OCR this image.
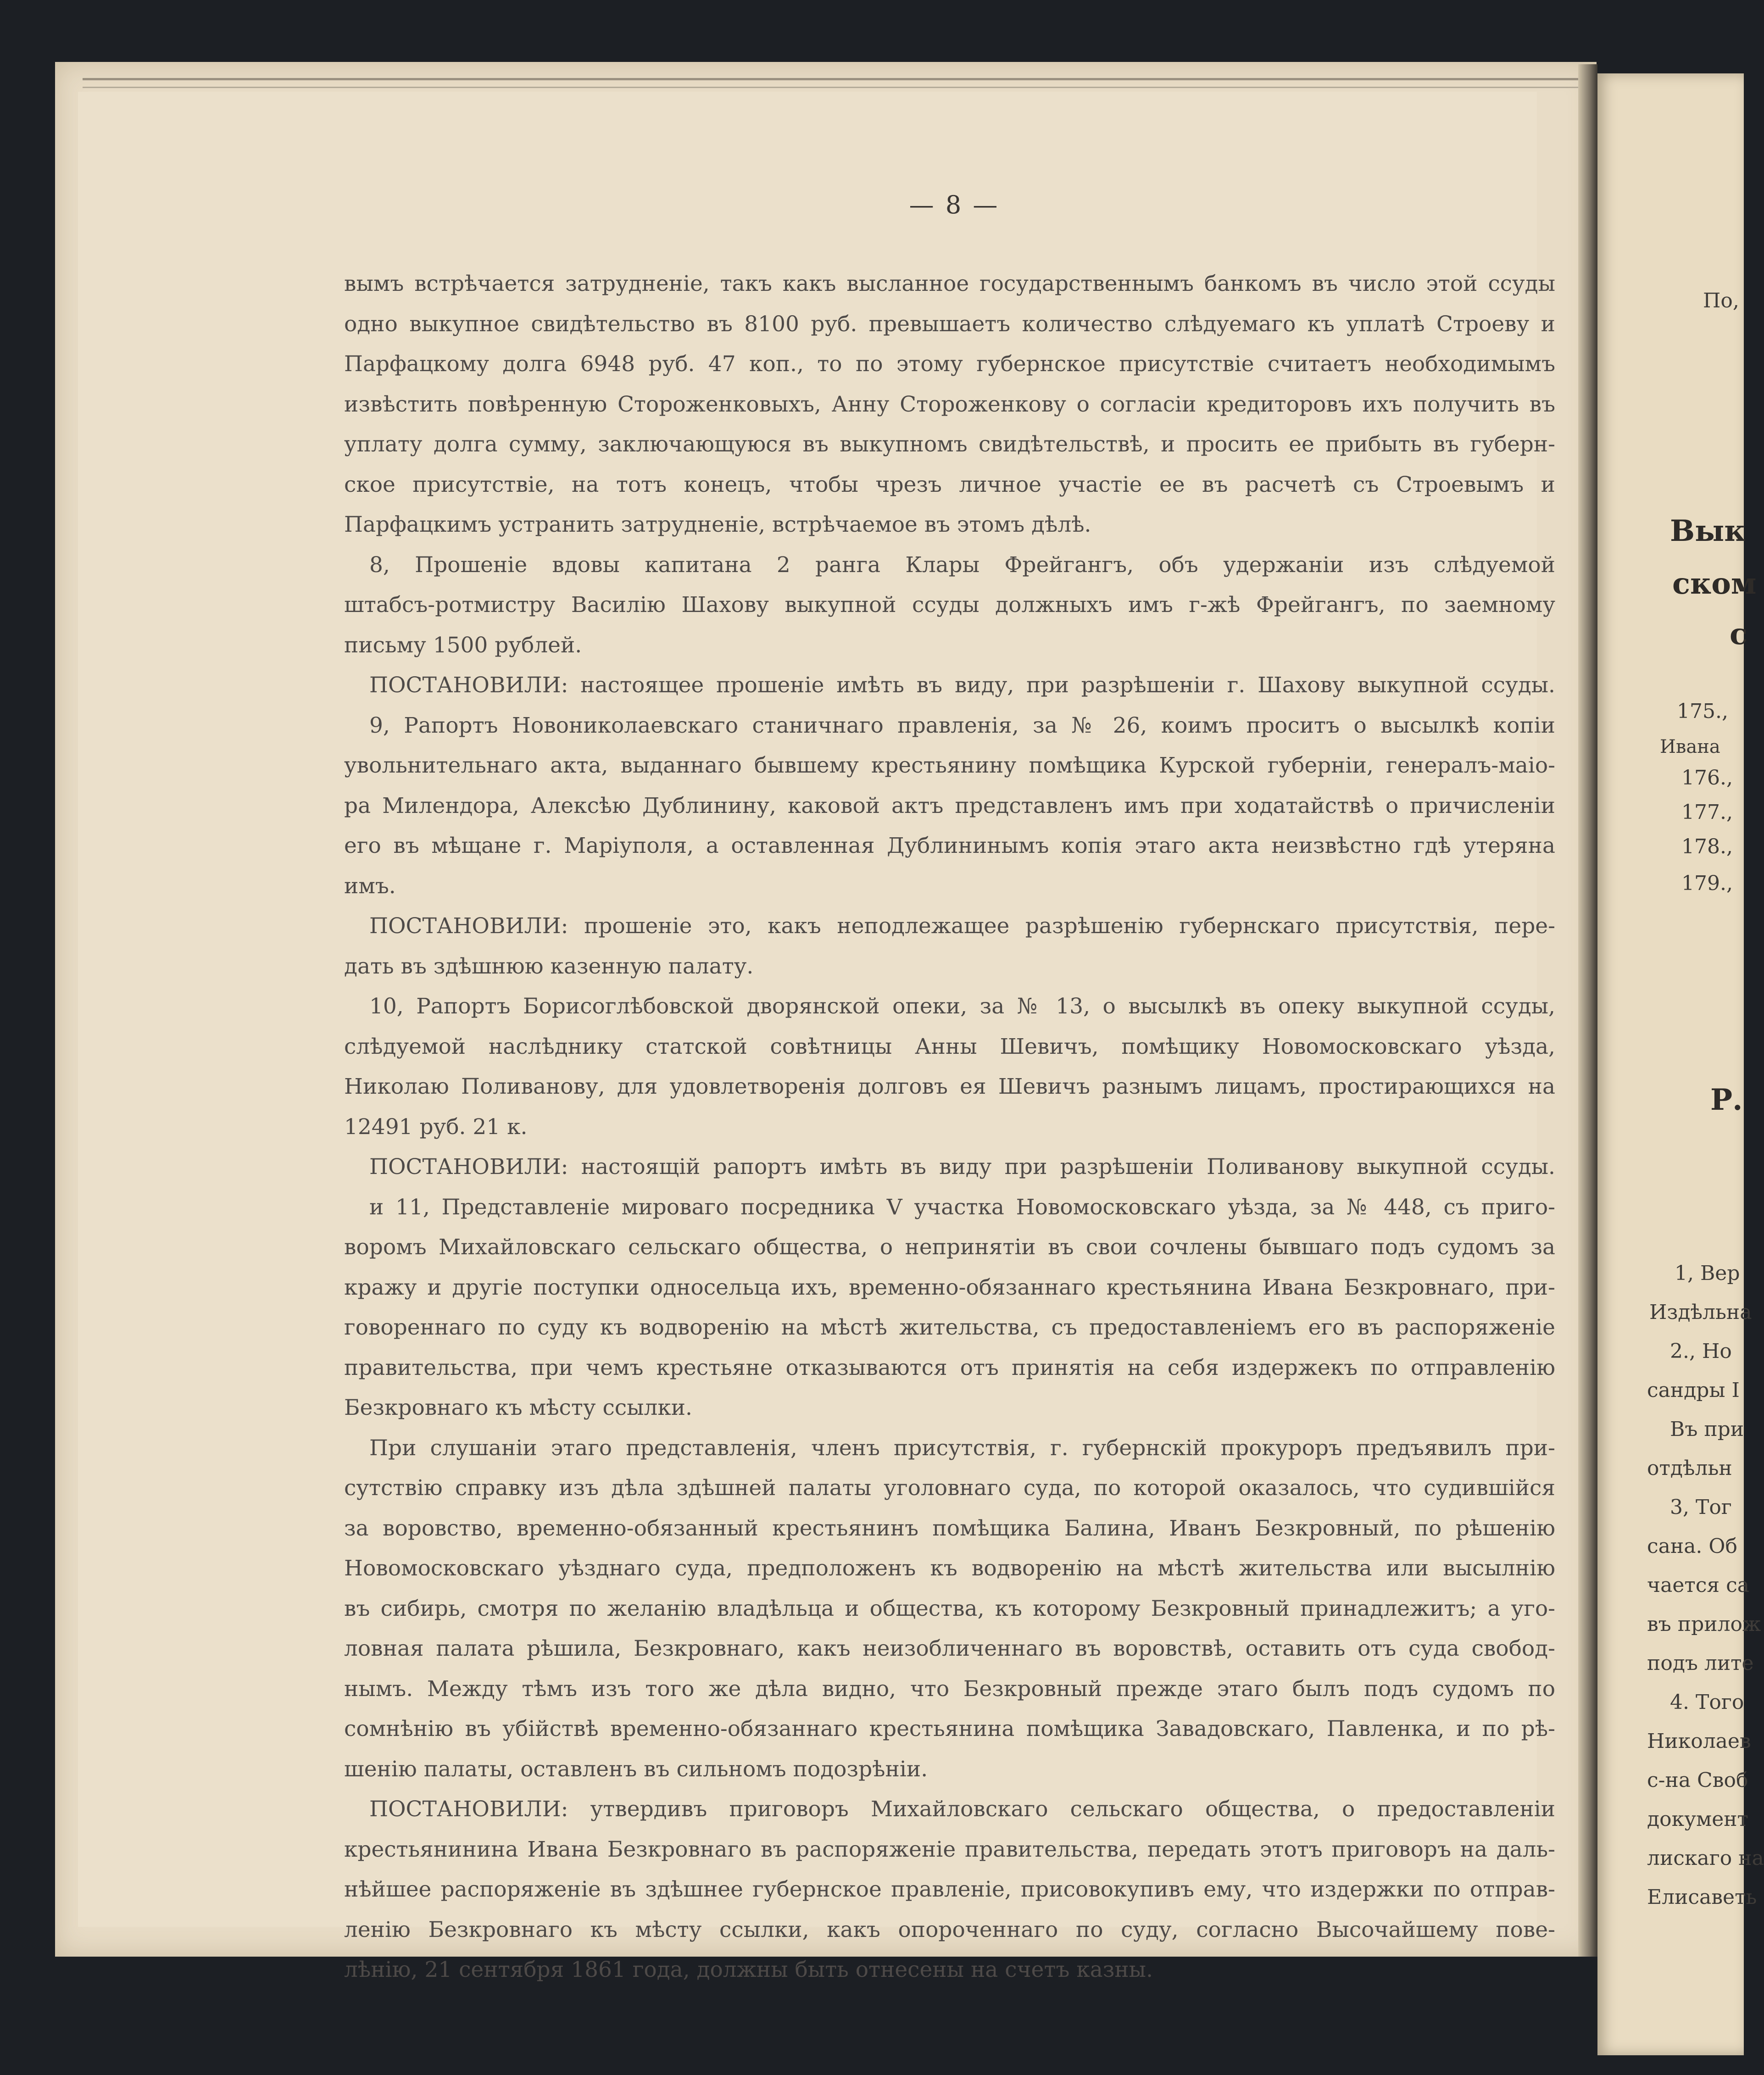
— 8 —
вымъ встрѣчается затрудненіе, такъ какъ высланное государственнымъ банкомъ въ число этой ссуды
одно выкупное свидѣтельство въ 8100 руб. превышаетъ количество слѣдуемаго къ уплатѣ Строеву и
Парфацкому долга 6948 руб. 47 коп., то по этому губернское присутствіе считаетъ необходимымъ
извѣстить повѣренную Стороженковыхъ, Анну Стороженкову о согласіи кредиторовъ ихъ получить въ
уплату долга сумму, заключающуюся въ выкупномъ свидѣтельствѣ, и просить ее прибыть въ губерн-
ское присутствіе, на тотъ конецъ, чтобы чрезъ личное участіе ее въ расчетѣ съ Строевымъ и
Парфацкимъ устранить затрудненіе, встрѣчаемое въ этомъ дѣлѣ.
8, Прошеніе вдовы капитана 2 ранга Клары Фрейгангъ, объ удержаніи изъ слѣдуемой
штабсъ-ротмистру Василію Шахову выкупной ссуды должныхъ имъ г-жѣ Фрейгангъ, по заемному
письму 1500 рублей.
ПОСТАНОВИЛИ: настоящее прошеніе имѣть въ виду, при разрѣшеніи г. Шахову выкупной ссуды.
9, Рапортъ Новониколаевскаго станичнаго правленія, за № 26, коимъ проситъ о высылкѣ копіи
увольнительнаго акта, выданнаго бывшему крестьянину помѣщика Курской губерніи, генералъ-маіо-
ра Милендора, Алексѣю Дублинину, каковой актъ представленъ имъ при ходатайствѣ о причисленіи
его въ мѣщане г. Маріуполя, а оставленная Дублининымъ копія этаго акта неизвѣстно гдѣ утеряна
имъ.
ПОСТАНОВИЛИ: прошеніе это, какъ неподлежащее разрѣшенію губернскаго присутствія, пере-
дать въ здѣшнюю казенную палату.
10, Рапортъ Борисоглѣбовской дворянской опеки, за № 13, о высылкѣ въ опеку выкупной ссуды,
слѣдуемой наслѣднику статской совѣтницы Анны Шевичъ, помѣщику Новомосковскаго уѣзда,
Николаю Поливанову, для удовлетворенія долговъ ея Шевичъ разнымъ лицамъ, простирающихся на
12491 руб. 21 к.
ПОСТАНОВИЛИ: настоящій рапортъ имѣть въ виду при разрѣшеніи Поливанову выкупной ссуды.
и 11, Представленіе мироваго посредника V участка Новомосковскаго уѣзда, за № 448, съ приго-
воромъ Михайловскаго сельскаго общества, о непринятіи въ свои сочлены бывшаго подъ судомъ за
кражу и другіе поступки односельца ихъ, временно-обязаннаго крестьянина Ивана Безкровнаго, при-
говореннаго по суду къ водворенію на мѣстѣ жительства, съ предоставленіемъ его въ распоряженіе
правительства, при чемъ крестьяне отказываются отъ принятія на себя издержекъ по отправленію
Безкровнаго къ мѣсту ссылки.
При слушаніи этаго представленія, членъ присутствія, г. губернскій прокуроръ предъявилъ при-
сутствію справку изъ дѣла здѣшней палаты уголовнаго суда, по которой оказалось, что судившійся
за воровство, временно-обязанный крестьянинъ помѣщика Балина, Иванъ Безкровный, по рѣшенію
Новомосковскаго уѣзднаго суда, предположенъ къ водворенію на мѣстѣ жительства или высылнію
въ сибирь, смотря по желанію владѣльца и общества, къ которому Безкровный принадлежитъ; а уго-
ловная палата рѣшила, Безкровнаго, какъ неизобличеннаго въ воровствѣ, оставить отъ суда свобод-
нымъ. Между тѣмъ изъ того же дѣла видно, что Безкровный прежде этаго былъ подъ судомъ по
сомнѣнію въ убійствѣ временно-обязаннаго крестьянина помѣщика Завадовскаго, Павленка, и по рѣ-
шенію палаты, оставленъ въ сильномъ подозрѣніи.
ПОСТАНОВИЛИ: утвердивъ приговоръ Михайловскаго сельскаго общества, о предоставленіи
крестьянинина Ивана Безкровнаго въ распоряженіе правительства, передать этотъ приговоръ на даль-
нѣйшее распоряженіе въ здѣшнее губернское правленіе, присовокупивъ ему, что издержки по отправ-
ленію Безкровнаго къ мѣсту ссылки, какъ опороченнаго по суду, согласно Высочайшему пове-
лѣнію, 21 сентября 1861 года, должны быть отнесены на счетъ казны.
По,
Вык
ском
с
175.,
Ивана
176.,
177.,
178.,
179.,
Р.
1, Вер
Издѣльна
2., Но
сандры I
Въ при
отдѣльн
3, Тог
сана. Об
чается са
въ прилож
подъ лите
4. Того
Николаев
с-на Своб
документ
лискаго на
Елисаветь
